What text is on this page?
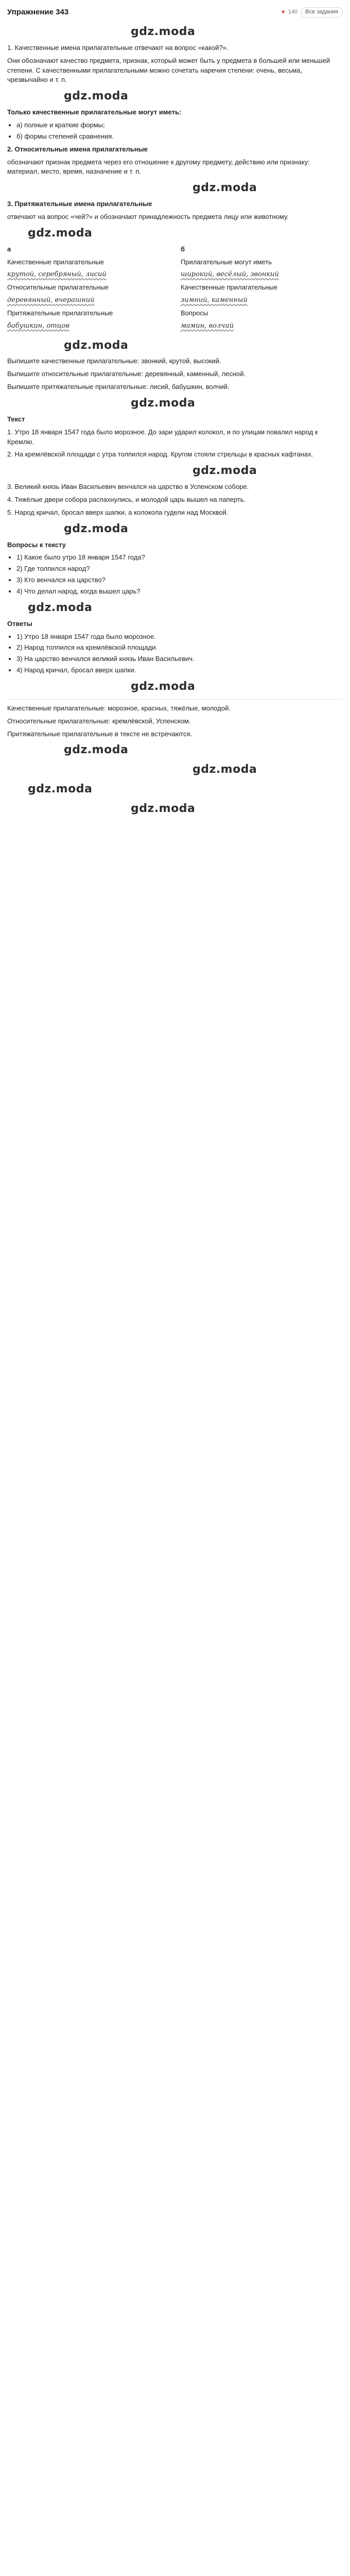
Упражнение 343	♥ 140	Все задания
gdz.moda

1. Качественные имена прилагательные отвечают на вопрос «какой?».

Они обозначают качество предмета, признак, который может быть у предмета в большей или меньшей степени. С качественными прилагательными можно сочетать наречия степени: очень, весьма, чрезвычайно и т. п.

gdz.moda

Только качественные прилагательные могут иметь:

• а) полные и краткие формы;
• б) формы степеней сравнения.

2. Относительные имена прилагательные

обозначают признак предмета через его отношение к другому предмету, действию или признаку: материал, место, время, назначение и т. п.

gdz.moda

3. Притяжательные имена прилагательные

отвечают на вопрос «чей?» и обозначают принадлежность предмета лицу или животному.

gdz.moda

а

Качественные прилагательные

крутой, серебряный, лисий

Относительные прилагательные

деревянный, вчерашний

Притяжательные прилагательные

бабушкин, отцов

б

Прилагательные могут иметь

широкий, весёлый, звонкий

Качественные прилагательные

зимний, каменный

Вопросы

мамин, волчий

gdz.moda

Выпишите качественные прилагательные: звонкий, крутой, высокий.

Выпишите относительные прилагательные: деревянный, каменный, лесной.

Выпишите притяжательные прилагательные: лисий, бабушкин, волчий.

gdz.moda

Текст

1. Утро 18 января 1547 года было морозное. До зари ударил колокол, и по улицам повалил народ к Кремлю.

2. На кремлёвской площади с утра толпился народ. Кругом стояли стрельцы в красных кафтанах.

gdz.moda

3. Великий князь Иван Васильевич венчался на царство в Успенском соборе.

4. Тяжёлые двери собора распахнулись, и молодой царь вышел на паперть.

5. Народ кричал, бросал вверх шапки, а колокола гудели над Москвой.

gdz.moda

Вопросы к тексту

• 1) Какое было утро 18 января 1547 года?
• 2) Где толпился народ?
• 3) Кто венчался на царство?
• 4) Что делал народ, когда вышел царь?
gdz.moda

Ответы

• 1) Утро 18 января 1547 года было морозное.
• 2) Народ толпился на кремлёвской площади.
• 3) На царство венчался великий князь Иван Васильевич.
• 4) Народ кричал, бросал вверх шапки.
gdz.moda

Качественные прилагательные: морозное, красных, тяжёлые, молодой.

Относительные прилагательные: кремлёвской, Успенском.

Притяжательные прилагательные в тексте не встречаются.

gdz.moda
gdz.moda
gdz.moda
gdz.moda
